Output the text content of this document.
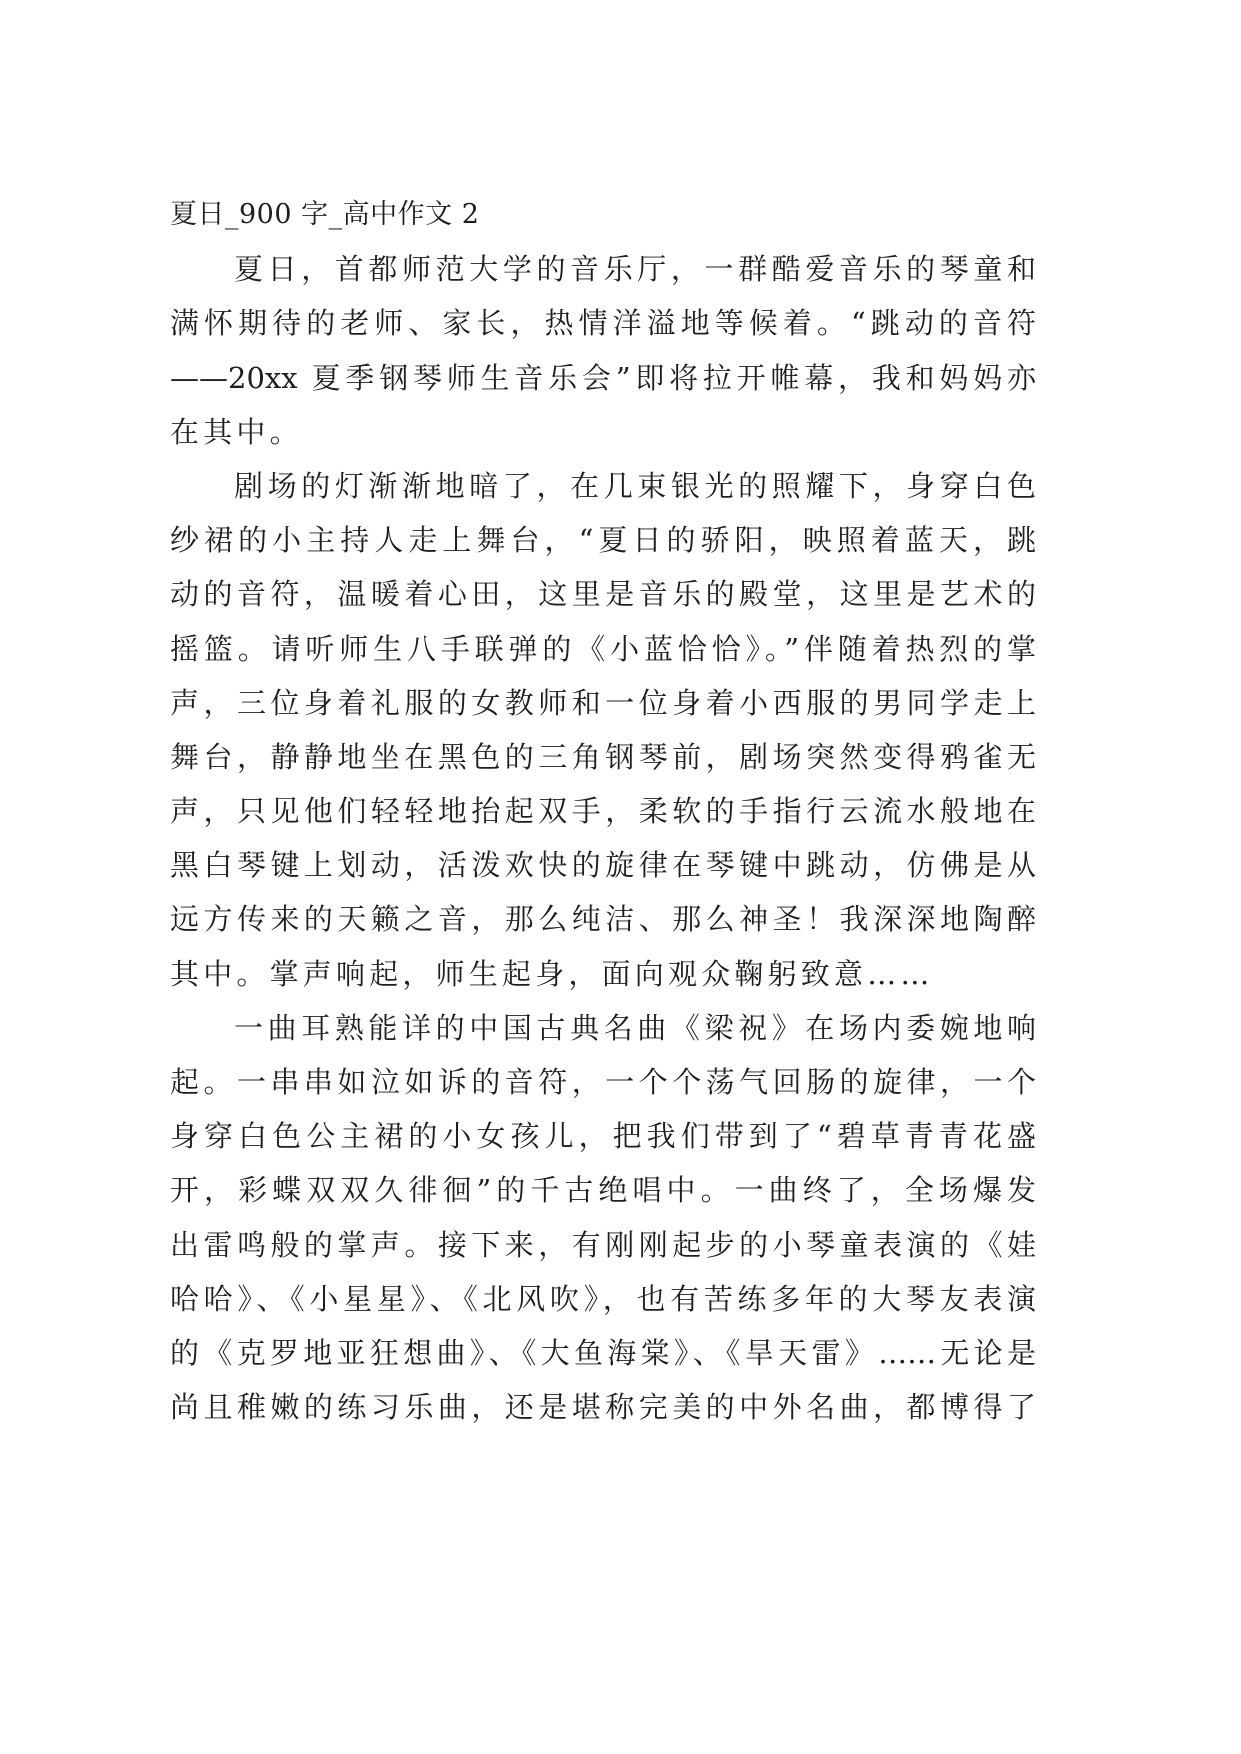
夏日_900 字_高中作文 2
夏日，首都师范大学的音乐厅，一群酷爱音乐的琴童和
满怀期待的老师、家长，热情洋溢地等候着。“跳动的音符
——20xx 夏季钢琴师生音乐会”即将拉开帷幕，我和妈妈亦
在其中。
剧场的灯渐渐地暗了，在几束银光的照耀下，身穿白色
纱裙的小主持人走上舞台，“夏日的骄阳，映照着蓝天，跳
动的音符，温暖着心田，这里是音乐的殿堂，这里是艺术的
摇篮。请听师生八手联弹的《小蓝恰恰》。”伴随着热烈的掌
声，三位身着礼服的女教师和一位身着小西服的男同学走上
舞台，静静地坐在黑色的三角钢琴前，剧场突然变得鸦雀无
声，只见他们轻轻地抬起双手，柔软的手指行云流水般地在
黑白琴键上划动，活泼欢快的旋律在琴键中跳动，仿佛是从
远方传来的天籁之音，那么纯洁、那么神圣！我深深地陶醉
其中。掌声响起，师生起身，面向观众鞠躬致意……
一曲耳熟能详的中国古典名曲《梁祝》在场内委婉地响
起。一串串如泣如诉的音符，一个个荡气回肠的旋律，一个
身穿白色公主裙的小女孩儿，把我们带到了“碧草青青花盛
开，彩蝶双双久徘徊”的千古绝唱中。一曲终了，全场爆发
出雷鸣般的掌声。接下来，有刚刚起步的小琴童表演的《娃
哈哈》、《小星星》、《北风吹》，也有苦练多年的大琴友表演
的《克罗地亚狂想曲》、《大鱼海棠》、《旱天雷》……无论是
尚且稚嫩的练习乐曲，还是堪称完美的中外名曲，都博得了
